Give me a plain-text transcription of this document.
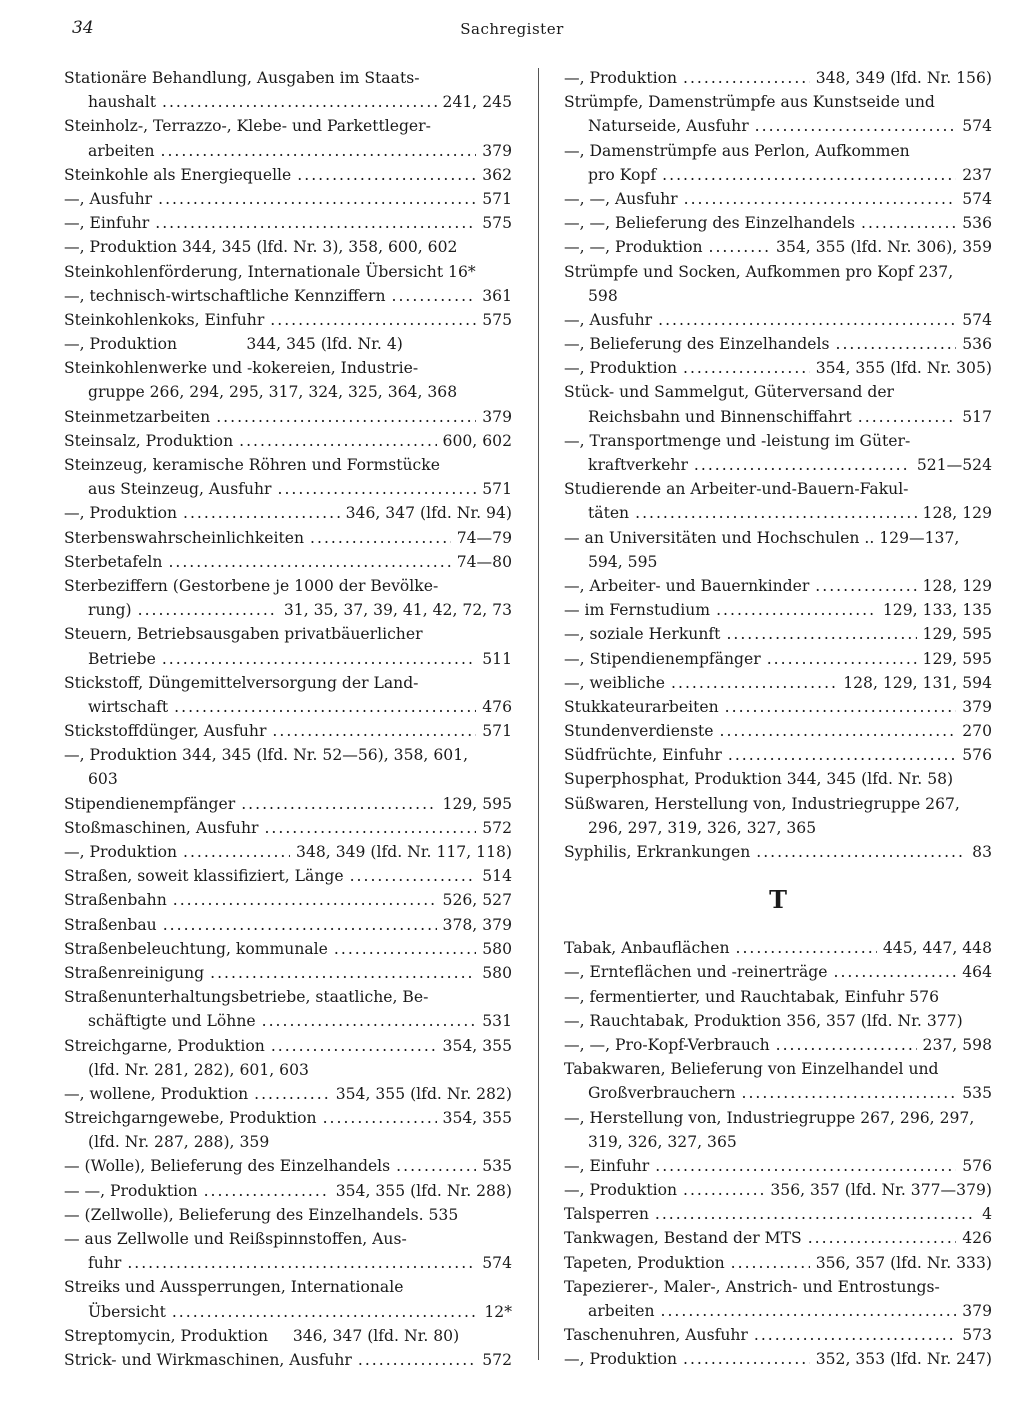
34	Sachregister
Stationäre Behandlung, Ausgaben im Staats-
haushalt .....	241, 245
Steinholz-, Terrazzo-, Klebe- und Parkettleger-
arbeiten .....	379
Steinkohle als Energiequelle .....	362
—, Ausfuhr .....	571
—, Einfuhr .....	575
—, Produktion 344, 345 (lfd. Nr. 3), 358, 600, 602
Steinkohlenförderung, Internationale Übersicht 16*
—, technisch-wirtschaftliche Kennziffern .....	361
Steinkohlenkoks, Einfuhr .....	575
—, Produktion              344, 345 (lfd. Nr. 4)
Steinkohlenwerke und -kokereien, Industrie-
gruppe 266, 294, 295, 317, 324, 325, 364, 368
Steinmetzarbeiten .....	379
Steinsalz, Produktion .....	600, 602
Steinzeug, keramische Röhren und Formstücke
aus Steinzeug, Ausfuhr .....	571
—, Produktion .....	346, 347 (lfd. Nr. 94)
Sterbenswahrscheinlichkeiten .....	74—79
Sterbetafeln .....	74—80
Sterbeziffern (Gestorbene je 1000 der Bevölke-
rung) .....	31, 35, 37, 39, 41, 42, 72, 73
Steuern, Betriebsausgaben privatbäuerlicher
Betriebe .....	511
Stickstoff, Düngemittelversorgung der Land-
wirtschaft .....	476
Stickstoffdünger, Ausfuhr .....	571
—, Produktion 344, 345 (lfd. Nr. 52—56), 358, 601,
603
Stipendienempfänger .....	129, 595
Stoßmaschinen, Ausfuhr .....	572
—, Produktion .....	348, 349 (lfd. Nr. 117, 118)
Straßen, soweit klassifiziert, Länge .....	514
Straßenbahn .....	526, 527
Straßenbau .....	378, 379
Straßenbeleuchtung, kommunale .....	580
Straßenreinigung .....	580
Straßenunterhaltungsbetriebe, staatliche, Be-
schäftigte und Löhne .....	531
Streichgarne, Produktion .....	354, 355
(lfd. Nr. 281, 282), 601, 603
—, wollene, Produktion .....	354, 355 (lfd. Nr. 282)
Streichgarngewebe, Produktion .....	354, 355
(lfd. Nr. 287, 288), 359
— (Wolle), Belieferung des Einzelhandels .....	535
— —, Produktion .....	354, 355 (lfd. Nr. 288)
— (Zellwolle), Belieferung des Einzelhandels. 535
— aus Zellwolle und Reißspinnstoffen, Aus-
fuhr .....	574
Streiks und Aussperrungen, Internationale
Übersicht .....	12*
Streptomycin, Produktion     346, 347 (lfd. Nr. 80)
Strick- und Wirkmaschinen, Ausfuhr .....	572
—, Produktion .....	348, 349 (lfd. Nr. 156)
Strümpfe, Damenstrümpfe aus Kunstseide und
Naturseide, Ausfuhr .....	574
—, Damenstrümpfe aus Perlon, Aufkommen
pro Kopf .....	237
—, —, Ausfuhr .....	574
—, —, Belieferung des Einzelhandels .....	536
—, —, Produktion .....	354, 355 (lfd. Nr. 306), 359
Strümpfe und Socken, Aufkommen pro Kopf 237,
598
—, Ausfuhr .....	574
—, Belieferung des Einzelhandels .....	536
—, Produktion .....	354, 355 (lfd. Nr. 305)
Stück- und Sammelgut, Güterversand der
Reichsbahn und Binnenschiffahrt .....	517
—, Transportmenge und -leistung im Güter-
kraftverkehr .....	521—524
Studierende an Arbeiter-und-Bauern-Fakul-
täten .....	128, 129
— an Universitäten und Hochschulen .. 129—137,
594, 595
—, Arbeiter- und Bauernkinder .....	128, 129
— im Fernstudium .....	129, 133, 135
—, soziale Herkunft .....	129, 595
—, Stipendienempfänger .....	129, 595
—, weibliche .....	128, 129, 131, 594
Stukkateurarbeiten .....	379
Stundenverdienste .....	270
Südfrüchte, Einfuhr .....	576
Superphosphat, Produktion 344, 345 (lfd. Nr. 58)
Süßwaren, Herstellung von, Industriegruppe 267,
296, 297, 319, 326, 327, 365
Syphilis, Erkrankungen .....	83
T
Tabak, Anbauflächen .....	445, 447, 448
—, Ernteflächen und -reinerträge .....	464
—, fermentierter, und Rauchtabak, Einfuhr 576
—, Rauchtabak, Produktion 356, 357 (lfd. Nr. 377)
—, —, Pro-Kopf-Verbrauch .....	237, 598
Tabakwaren, Belieferung von Einzelhandel und
Großverbrauchern .....	535
—, Herstellung von, Industriegruppe 267, 296, 297,
319, 326, 327, 365
—, Einfuhr .....	576
—, Produktion .....	356, 357 (lfd. Nr. 377—379)
Talsperren .....	4
Tankwagen, Bestand der MTS .....	426
Tapeten, Produktion .....	356, 357 (lfd. Nr. 333)
Tapezierer-, Maler-, Anstrich- und Entrostungs-
arbeiten .....	379
Taschenuhren, Ausfuhr .....	573
—, Produktion .....	352, 353 (lfd. Nr. 247)
